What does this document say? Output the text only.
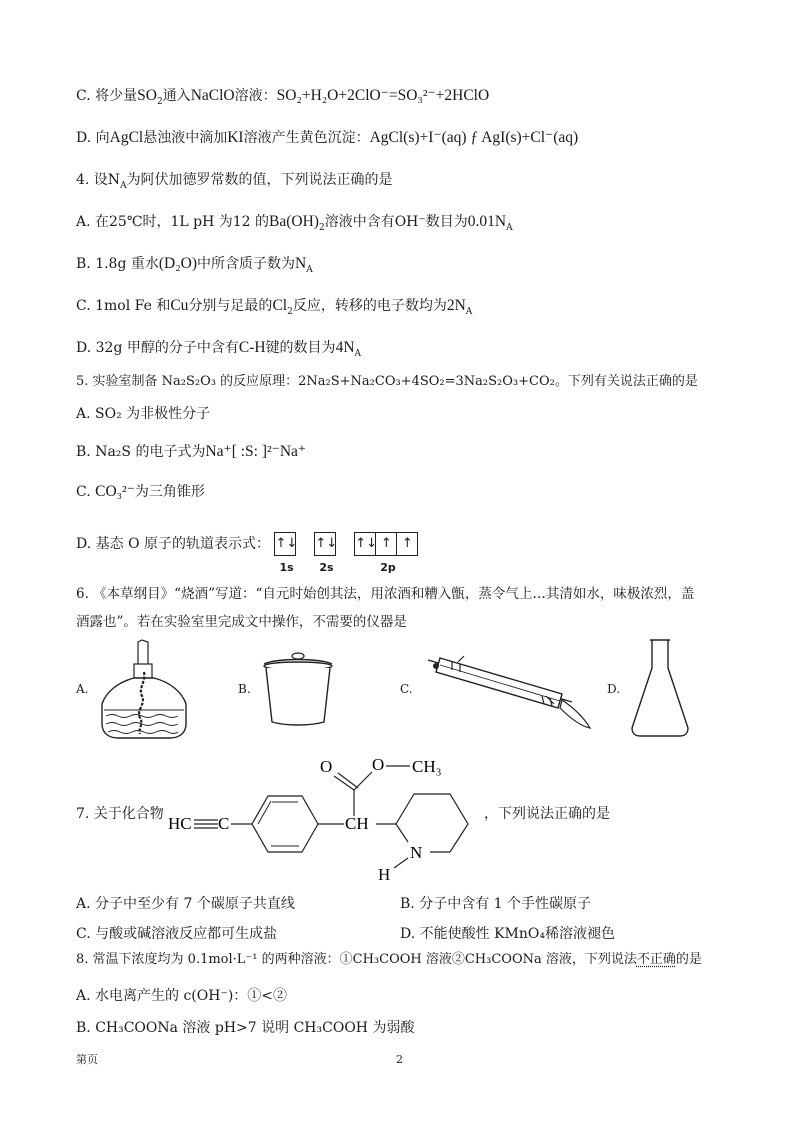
C. 将少量$SO_2$通入NaClO溶液：SO₂+H₂O+2ClO⁻=SO₃²⁻+2HClO
D. 向AgCl悬浊液中滴加KI溶液产生黄色沉淀：AgCl(s)+I⁻(aq) ƒ AgI(s)+Cl⁻(aq)
4. 设$N_A$为阿伏加德罗常数的值，下列说法正确的是
A. 在25℃时，1L pH 为12 的$Ba(OH)_2$溶液中含有OH⁻数目为$0.01N_A$
B. 1.8g 重水(D₂O)中所含质子数为$N_A$
C. 1mol Fe 和Cu分别与足最的$Cl_2$反应，转移的电子数均为$2N_A$
D. 32g 甲醇的分子中含有C-H键的数目为$4N_A$
5. 实验室制备 Na₂S₂O₃ 的反应原理：2Na₂S+Na₂CO₃+4SO₂=3Na₂S₂O₃+CO₂。下列有关说法正确的是
A. SO₂ 为非极性分子
B. Na₂S 的电子式为Na⁺[ :S: ]²⁻Na⁺
C. CO₃²⁻为三角锥形
D. 基态 O 原子的轨道表示式： ↑↓
1s
↑↓
2s
↑↓ ↑ ↑
2p
6. 《本草纲目》“烧酒”写道：“自元时始创其法，用浓酒和糟入甑，蒸令气上…其清如水，味极浓烈，盖
酒露也”。若在实验室里完成文中操作，不需要的仪器是
A.	B.	C.	D.
7. 关于化合物 HC C	CH
O O CH₃
N
H
，下列说法正确的是
A. 分子中至少有 7 个碳原子共直线	B. 分子中含有 1 个手性碳原子
C. 与酸或碱溶液反应都可生成盐	D. 不能使酸性 KMnO₄稀溶液褪色
8. 常温下浓度均为 0.1mol·L⁻¹ 的两种溶液：①CH₃COOH 溶液②CH₃COONa 溶液，下列说法不正确的是
A. 水电离产生的 c(OH⁻)：①<②
B. CH₃COONa 溶液 pH>7 说明 CH₃COOH 为弱酸
第页	2
